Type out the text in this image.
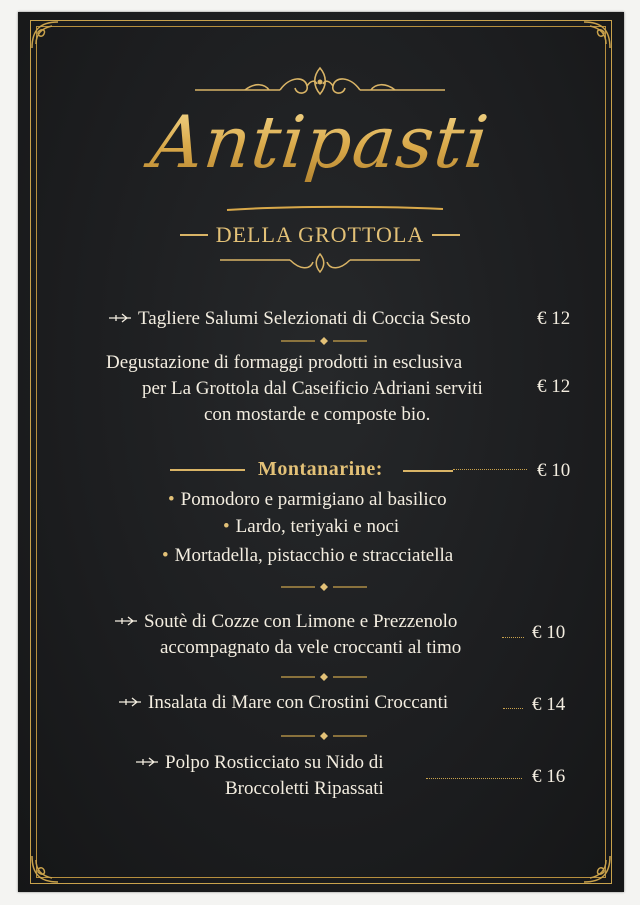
Antipasti
DELLA GROTTOLA
Tagliere Salumi Selezionati di Coccia Sesto	€ 12
Degustazione di formaggi prodotti in esclusiva
per La Grottola dal Caseificio Adriani serviti
con mostarde e composte bio.
€ 12
Montanarine:	€ 10
• Pomodoro e parmigiano al basilico
• Lardo, teriyaki e noci
• Mortadella, pistacchio e stracciatella
Soutè di Cozze con Limone e Prezzenolo
accompagnato da vele croccanti al timo
€ 10
Insalata di Mare con Crostini Croccanti	€ 14
Polpo Rosticciato su Nido di
Broccoletti Ripassati
€ 16
